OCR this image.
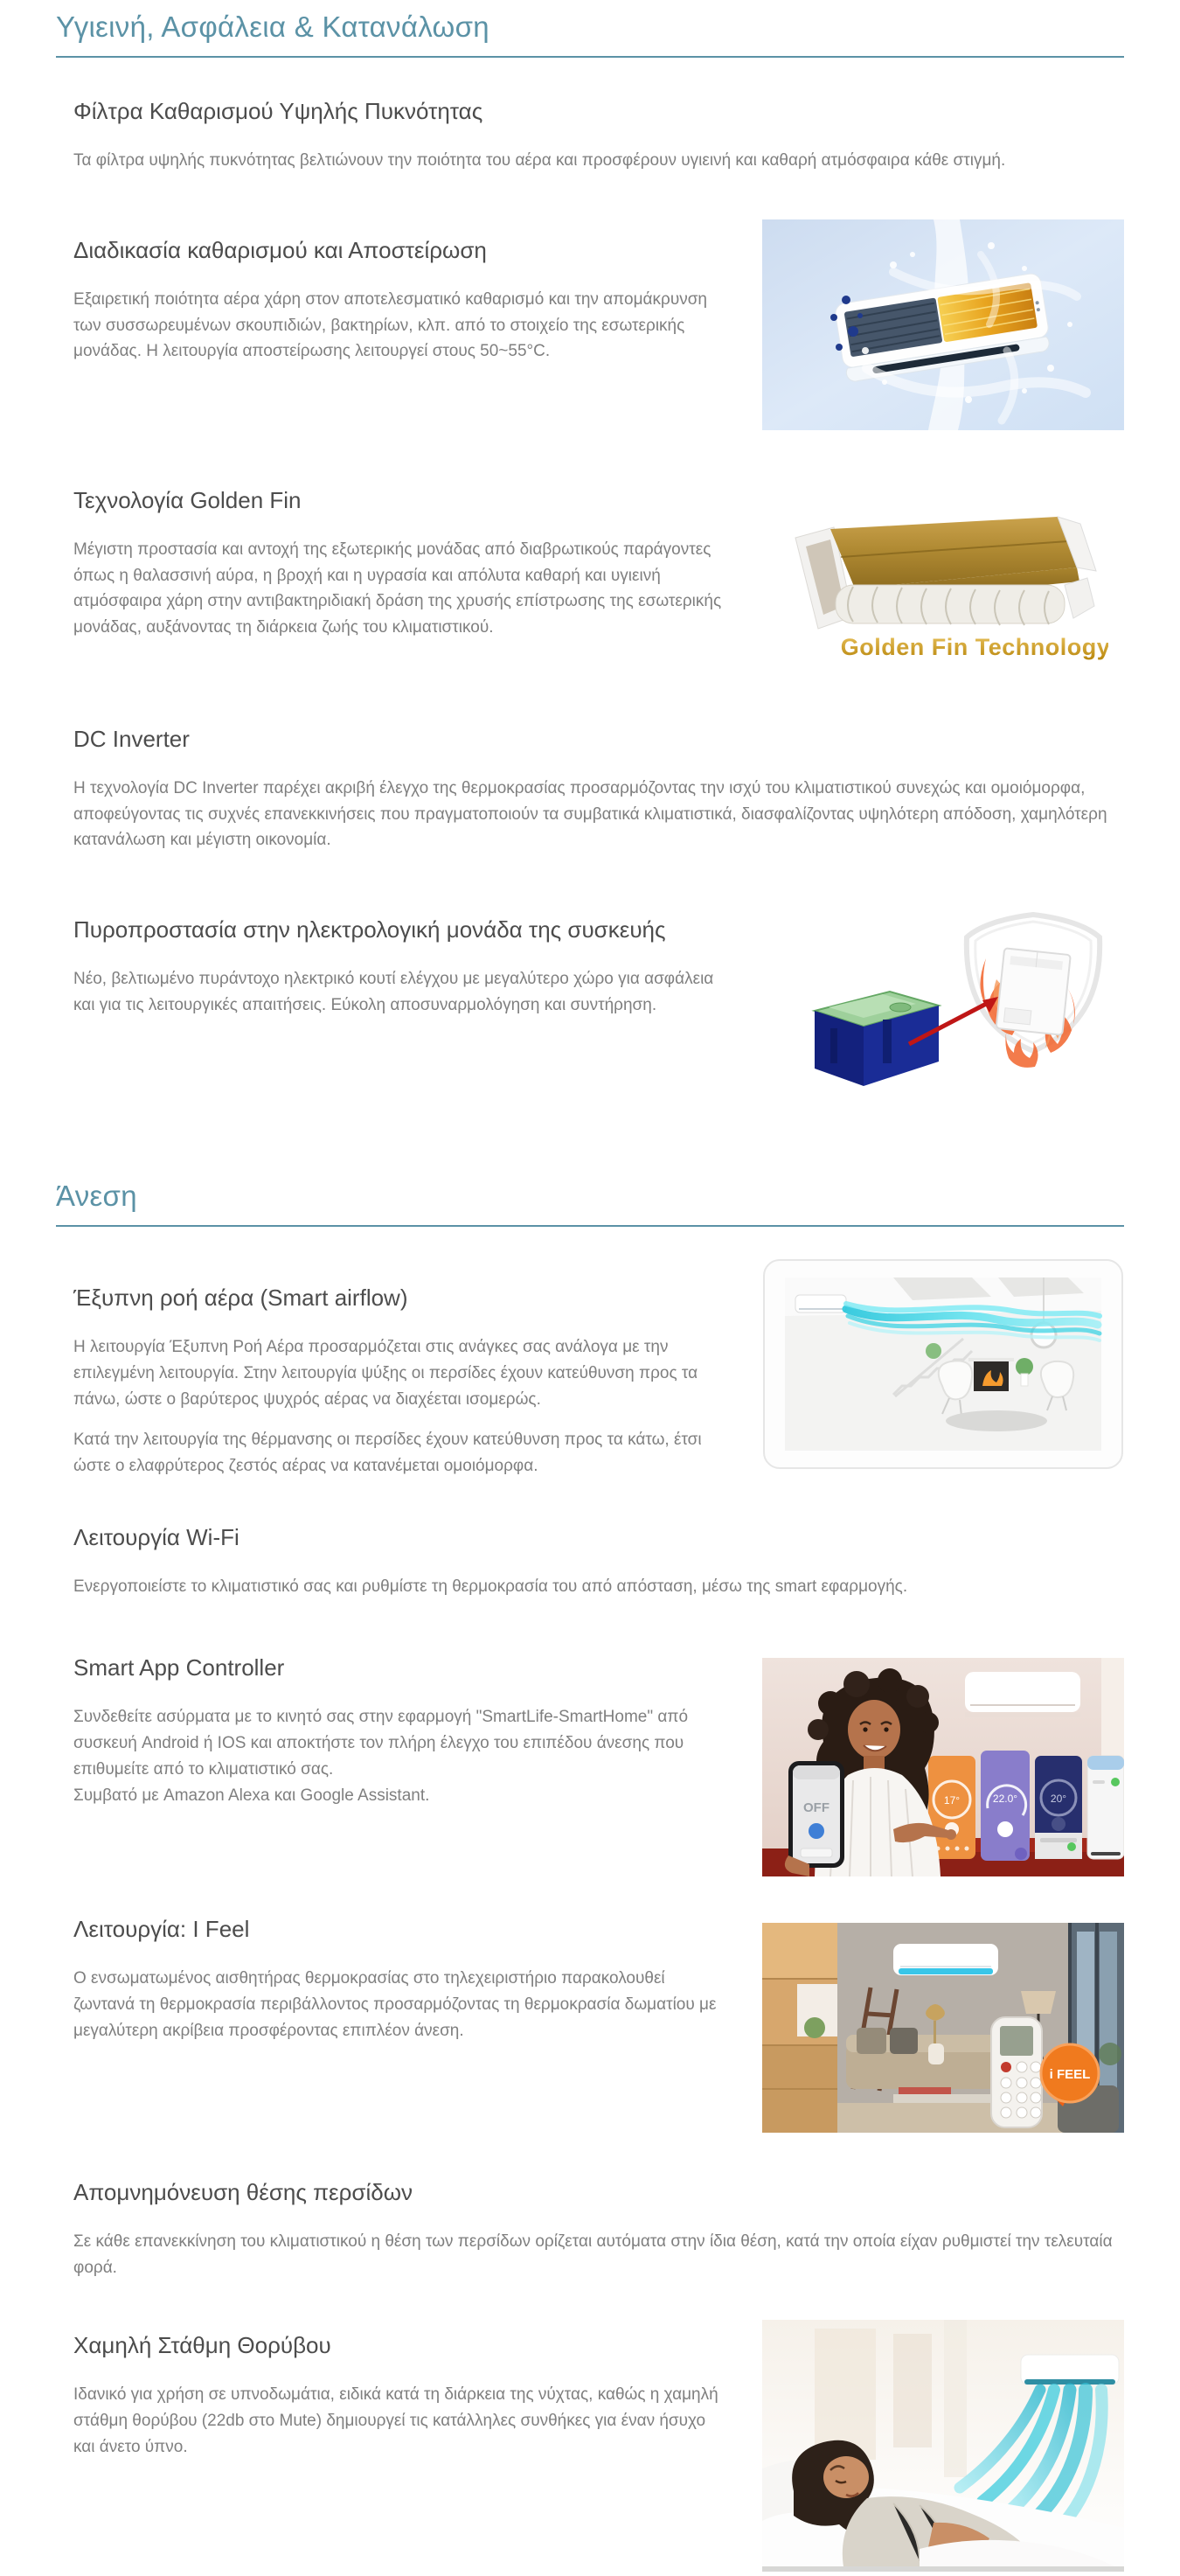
Υγιεινή, Ασφάλεια & Κατανάλωση
Φίλτρα Καθαρισμού Υψηλής Πυκνότητας

Τα φίλτρα υψηλής πυκνότητας βελτιώνουν την ποιότητα του αέρα και προσφέρουν υγιεινή και καθαρή ατμόσφαιρα κάθε στιγμή.

Διαδικασία καθαρισμού και Αποστείρωση

Εξαιρετική ποιότητα αέρα χάρη στον αποτελεσματικό καθαρισμό και την απομάκρυνση των συσσωρευμένων σκουπιδιών, βακτηρίων, κλπ. από το στοιχείο της εσωτερικής μονάδας. Η λειτουργία αποστείρωσης λειτουργεί στους 50~55°C.

Τεχνολογία Golden Fin

Μέγιστη προστασία και αντοχή της εξωτερικής μονάδας από διαβρωτικούς παράγοντες όπως η θαλασσινή αύρα, η βροχή και η υγρασία και απόλυτα καθαρή και υγιεινή ατμόσφαιρα χάρη στην αντιβακτηριδιακή δράση της χρυσής επίστρωσης της εσωτερικής μονάδας, αυξάνοντας τη διάρκεια ζωής του κλιματιστικού.

Golden Fin Technology
DC Inverter

Η τεχνολογία DC Inverter παρέχει ακριβή έλεγχο της θερμοκρασίας προσαρμόζοντας την ισχύ του κλιματιστικού συνεχώς και ομοιόμορφα, αποφεύγοντας τις συχνές επανεκκινήσεις που πραγματοποιούν τα συμβατικά κλιματιστικά, διασφαλίζοντας υψηλότερη απόδοση, χαμηλότερη κατανάλωση και μέγιστη οικονομία.

Πυροπροστασία στην ηλεκτρολογική μονάδα της συσκευής

Νέο, βελτιωμένο πυράντοχο ηλεκτρικό κουτί ελέγχου με μεγαλύτερο χώρο για ασφάλεια και για τις λειτουργικές απαιτήσεις. Εύκολη αποσυναρμολόγηση και συντήρηση.

Άνεση
Έξυπνη ροή αέρα (Smart airflow)

Η λειτουργία Έξυπνη Ροή Αέρα προσαρμόζεται στις ανάγκες σας ανάλογα με την επιλεγμένη λειτουργία. Στην λειτουργία ψύξης οι περσίδες έχουν κατεύθυνση προς τα πάνω, ώστε ο βαρύτερος ψυχρός αέρας να διαχέεται ισομερώς.

Κατά την λειτουργία της θέρμανσης οι περσίδες έχουν κατεύθυνση προς τα κάτω, έτσι ώστε ο ελαφρύτερος ζεστός αέρας να κατανέμεται ομοιόμορφα.

Λειτουργία Wi-Fi

Ενεργοποιείστε το κλιματιστικό σας και ρυθμίστε τη θερμοκρασία του από απόσταση, μέσω της smart εφαρμογής.

Smart App Controller

Συνδεθείτε ασύρματα με το κινητό σας στην εφαρμογή "SmartLife-SmartHome" από συσκευή Android ή IOS και αποκτήστε τον πλήρη έλεγχο του επιπέδου άνεσης που επιθυμείτε από το κλιματιστικό σας.

Συμβατό με Amazon Alexa και Google Assistant.	17°	22.0°	20°
OFF
Λειτουργία: I Feel

Ο ενσωματωμένος αισθητήρας θερμοκρασίας στο τηλεχειριστήριο παρακολουθεί ζωντανά τη θερμοκρασία περιβάλλοντος προσαρμόζοντας τη θερμοκρασία δωματίου με μεγαλύτερη ακρίβεια προσφέροντας επιπλέον άνεση.

i FEEL
Απομνημόνευση θέσης περσίδων

Σε κάθε επανεκκίνηση του κλιματιστικού η θέση των περσίδων ορίζεται αυτόματα στην ίδια θέση, κατά την οποία είχαν ρυθμιστεί την τελευταία φορά.

Χαμηλή Στάθμη Θορύβου

Ιδανικό για χρήση σε υπνοδωμάτια, ειδικά κατά τη διάρκεια της νύχτας, καθώς η χαμηλή στάθμη θορύβου (22db στο Mute) δημιουργεί τις κατάλληλες συνθήκες για έναν ήσυχο και άνετο ύπνο.
